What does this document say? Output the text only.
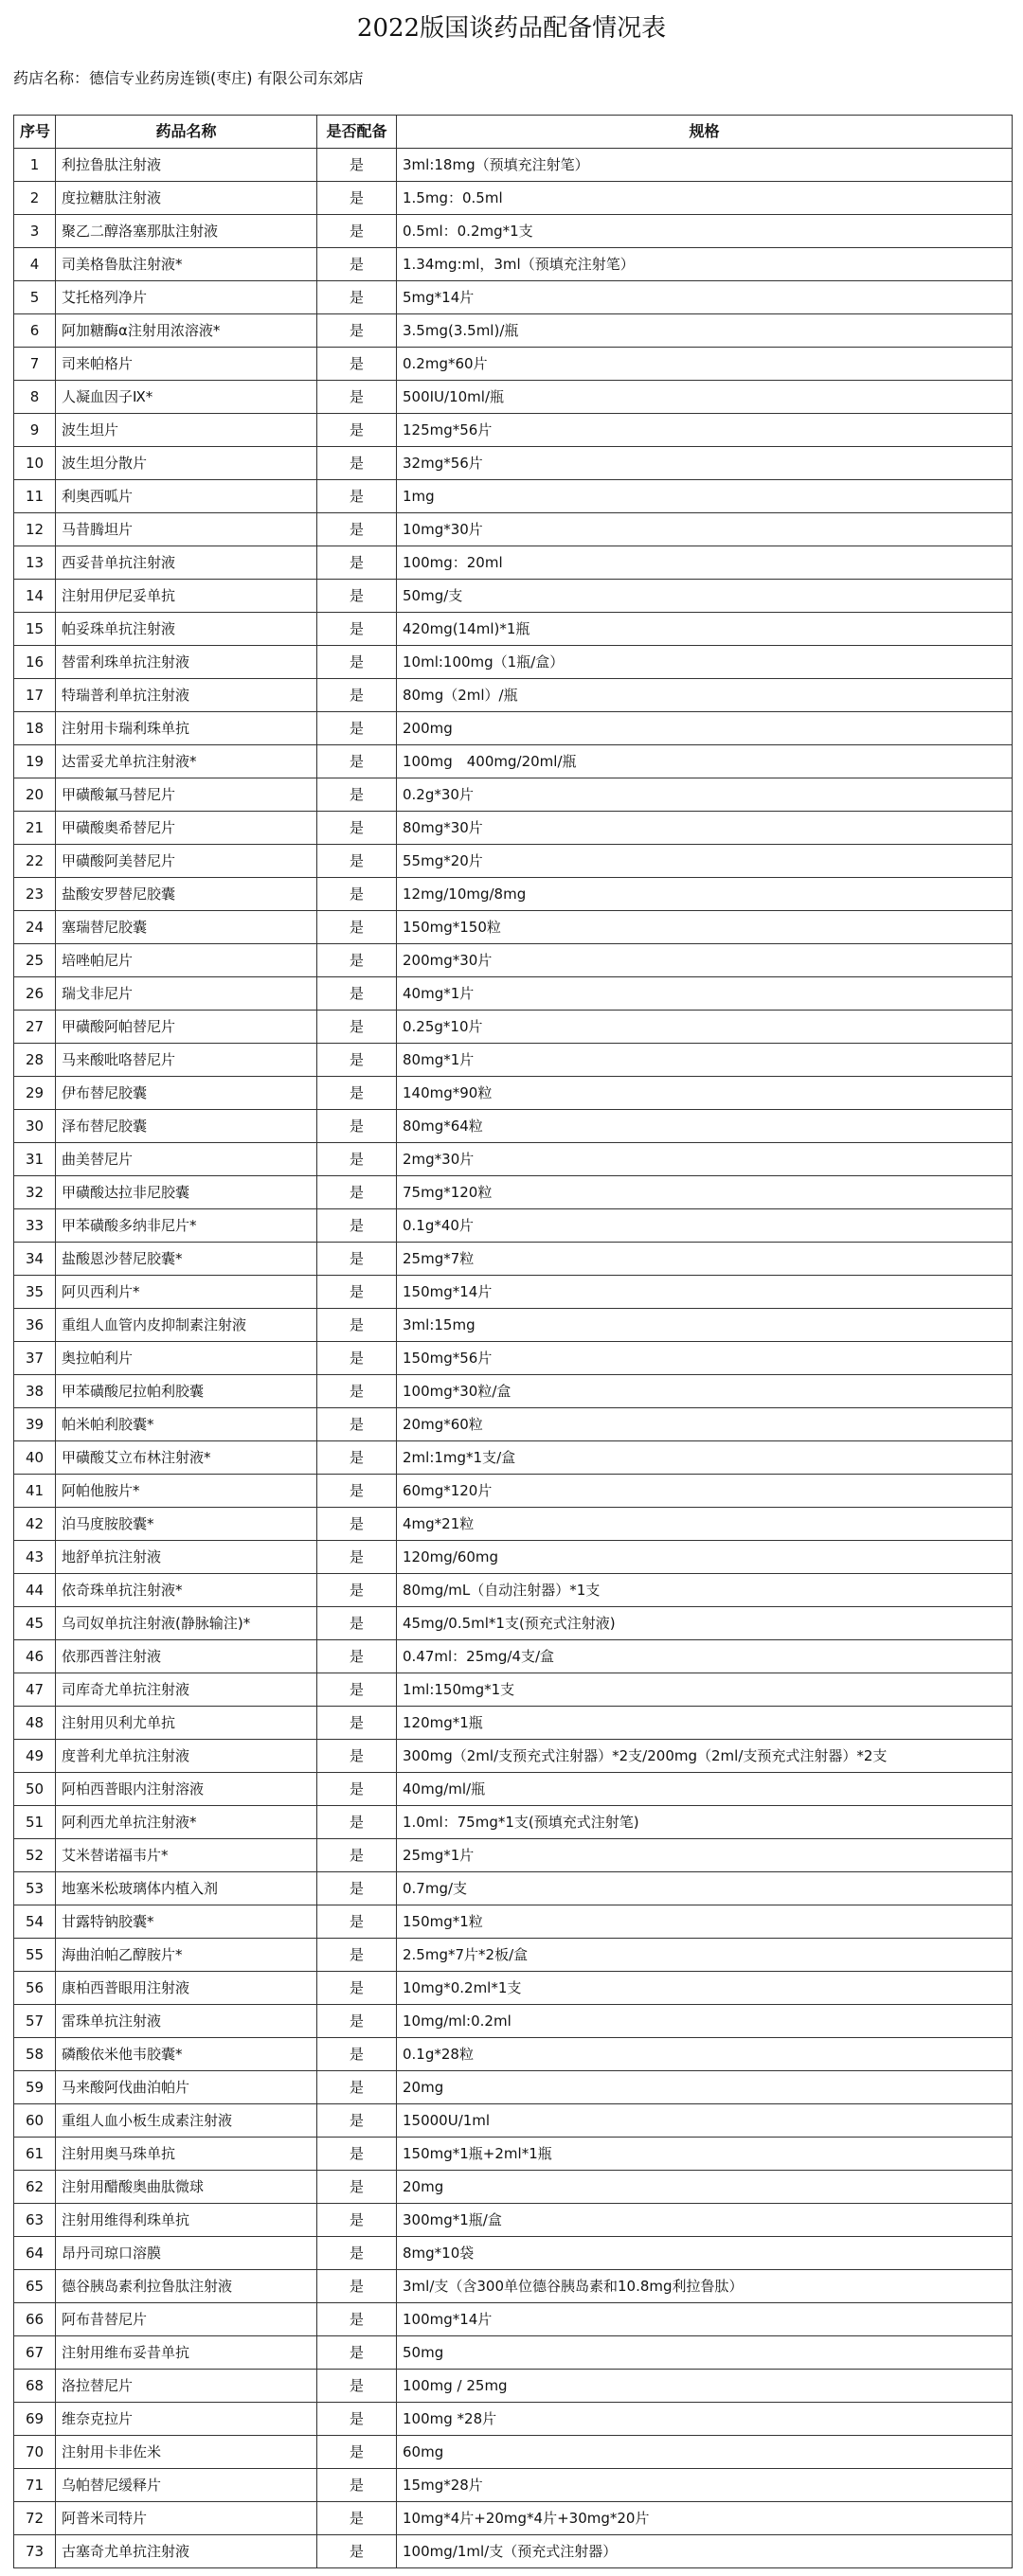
2022版国谈药品配备情况表
药店名称：德信专业药房连锁(枣庄) 有限公司东郊店
序号	药品名称	是否配备	规格
1	利拉鲁肽注射液	是	3ml:18mg（预填充注射笔）
2	度拉糖肽注射液	是	1.5mg：0.5ml
3	聚乙二醇洛塞那肽注射液	是	0.5ml：0.2mg*1支
4	司美格鲁肽注射液*	是	1.34mg:ml，3ml（预填充注射笔）
5	艾托格列净片	是	5mg*14片
6	阿加糖酶α注射用浓溶液*	是	3.5mg(3.5ml)/瓶
7	司来帕格片	是	0.2mg*60片
8	人凝血因子Ⅸ*	是	500IU/10ml/瓶
9	波生坦片	是	125mg*56片
10	波生坦分散片	是	32mg*56片
11	利奥西呱片	是	1mg
12	马昔腾坦片	是	10mg*30片
13	西妥昔单抗注射液	是	100mg：20ml
14	注射用伊尼妥单抗	是	50mg/支
15	帕妥珠单抗注射液	是	420mg(14ml)*1瓶
16	替雷利珠单抗注射液	是	10ml:100mg（1瓶/盒）
17	特瑞普利单抗注射液	是	80mg（2ml）/瓶
18	注射用卡瑞利珠单抗	是	200mg
19	达雷妥尤单抗注射液*	是	100mg　400mg/20ml/瓶
20	甲磺酸氟马替尼片	是	0.2g*30片
21	甲磺酸奥希替尼片	是	80mg*30片
22	甲磺酸阿美替尼片	是	55mg*20片
23	盐酸安罗替尼胶囊	是	12mg/10mg/8mg
24	塞瑞替尼胶囊	是	150mg*150粒
25	培唑帕尼片	是	200mg*30片
26	瑞戈非尼片	是	40mg*1片
27	甲磺酸阿帕替尼片	是	0.25g*10片
28	马来酸吡咯替尼片	是	80mg*1片
29	伊布替尼胶囊	是	140mg*90粒
30	泽布替尼胶囊	是	80mg*64粒
31	曲美替尼片	是	2mg*30片
32	甲磺酸达拉非尼胶囊	是	75mg*120粒
33	甲苯磺酸多纳非尼片*	是	0.1g*40片
34	盐酸恩沙替尼胶囊*	是	25mg*7粒
35	阿贝西利片*	是	150mg*14片
36	重组人血管内皮抑制素注射液	是	3ml:15mg
37	奥拉帕利片	是	150mg*56片
38	甲苯磺酸尼拉帕利胶囊	是	100mg*30粒/盒
39	帕米帕利胶囊*	是	20mg*60粒
40	甲磺酸艾立布林注射液*	是	2ml:1mg*1支/盒
41	阿帕他胺片*	是	60mg*120片
42	泊马度胺胶囊*	是	4mg*21粒
43	地舒单抗注射液	是	120mg/60mg
44	依奇珠单抗注射液*	是	80mg/mL（自动注射器）*1支
45	乌司奴单抗注射液(静脉输注)*	是	45mg/0.5ml*1支(预充式注射液)
46	依那西普注射液	是	0.47ml：25mg/4支/盒
47	司库奇尤单抗注射液	是	1ml:150mg*1支
48	注射用贝利尤单抗	是	120mg*1瓶
49	度普利尤单抗注射液	是	300mg（2ml/支预充式注射器）*2支/200mg（2ml/支预充式注射器）*2支
50	阿柏西普眼内注射溶液	是	40mg/ml/瓶
51	阿利西尤单抗注射液*	是	1.0ml：75mg*1支(预填充式注射笔)
52	艾米替诺福韦片*	是	25mg*1片
53	地塞米松玻璃体内植入剂	是	0.7mg/支
54	甘露特钠胶囊*	是	150mg*1粒
55	海曲泊帕乙醇胺片*	是	2.5mg*7片*2板/盒
56	康柏西普眼用注射液	是	10mg*0.2ml*1支
57	雷珠单抗注射液	是	10mg/ml:0.2ml
58	磷酸依米他韦胶囊*	是	0.1g*28粒
59	马来酸阿伐曲泊帕片	是	20mg
60	重组人血小板生成素注射液	是	15000U/1ml
61	注射用奥马珠单抗	是	150mg*1瓶+2ml*1瓶
62	注射用醋酸奥曲肽微球	是	20mg
63	注射用维得利珠单抗	是	300mg*1瓶/盒
64	昂丹司琼口溶膜	是	8mg*10袋
65	德谷胰岛素利拉鲁肽注射液	是	3ml/支（含300单位德谷胰岛素和10.8mg利拉鲁肽）
66	阿布昔替尼片	是	100mg*14片
67	注射用维布妥昔单抗	是	50mg
68	洛拉替尼片	是	100mg / 25mg
69	维奈克拉片	是	100mg *28片
70	注射用卡非佐米	是	60mg
71	乌帕替尼缓释片	是	15mg*28片
72	阿普米司特片	是	10mg*4片+20mg*4片+30mg*20片
73	古塞奇尤单抗注射液	是	100mg/1ml/支（预充式注射器）
